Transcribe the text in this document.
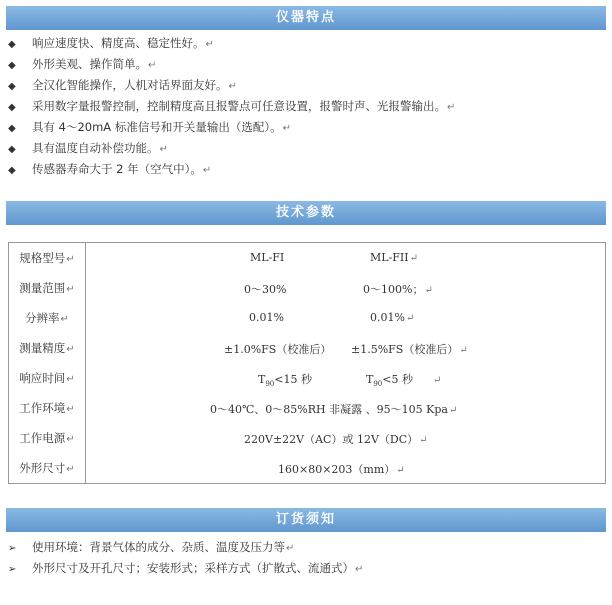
仪器特点
◆ 响应速度快、精度高、稳定性好。↵
◆ 外形美观、操作简单。↵
◆ 全汉化智能操作，人机对话界面友好。↵
◆ 采用数字量报警控制，控制精度高且报警点可任意设置，报警时声、光报警输出。↵
◆ 具有 4～20mA 标准信号和开关量输出（选配）。↵
◆ 具有温度自动补偿功能。↵
◆ 传感器寿命大于 2 年（空气中）。↵
技术参数
规格型号↵	ML-FI ML-FII↵

测量范围↵	0～30% 0～100%；↵

分辨率↵	0.01% 0.01%↵

测量精度↵	±1.0%FS（校准后） ±1.5%FS（校准后）↵

响应时间↵	$T_{90}<15$ 秒 $T_{90}<5$ 秒 ↵

工作环境↵	0～40℃、0～85%RH 非凝露 、95～105 Kpa↵

工作电源↵	220V±22V（AC）或 12V（DC）↵

外形尺寸↵	160×80×203（mm）↵
订货须知
➢ 使用环境：背景气体的成分、杂质、温度及压力等↵
➢ 外形尺寸及开孔尺寸；安装形式；采样方式（扩散式、流通式）↵
